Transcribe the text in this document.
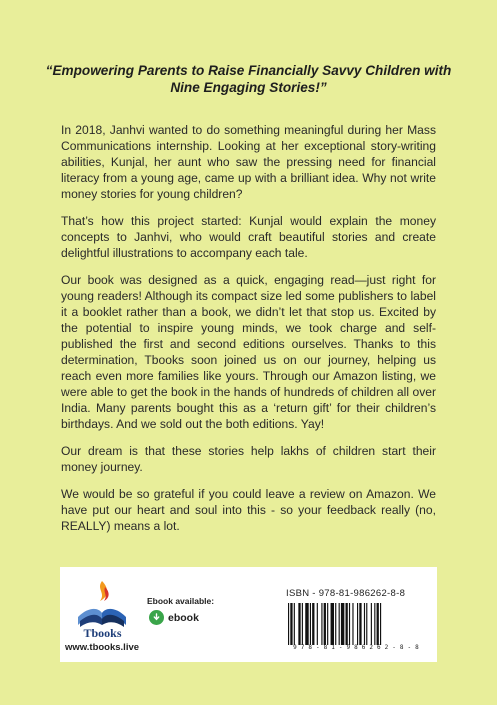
“Empowering Parents to Raise Financially Savvy Children with Nine Engaging Stories!”

In 2018, Janhvi wanted to do something meaningful during her Mass Communications internship. Looking at her exceptional story-writing abilities, Kunjal, her aunt who saw the pressing need for financial literacy from a young age, came up with a brilliant idea. Why not write money stories for young children?

That’s how this project started: Kunjal would explain the money concepts to Janhvi, who would craft beautiful stories and create delightful illustrations to accompany each tale.

Our book was designed as a quick, engaging read—just right for young readers! Although its compact size led some publishers to label it a booklet rather than a book, we didn’t let that stop us. Excited by the potential to inspire young minds, we took charge and self-published the first and second editions ourselves. Thanks to this determination, Tbooks soon joined us on our journey, helping us reach even more families like yours. Through our Amazon listing, we were able to get the book in the hands of hundreds of children all over India. Many parents bought this as a ‘return gift’ for their children’s birthdays. And we sold out the both editions. Yay!

Our dream is that these stories help lakhs of children start their money journey.

We would be so grateful if you could leave a review on Amazon. We have put our heart and soul into this - so your feedback really (no, REALLY) means a lot.

Tbooks
www.tbooks.live
Ebook available:
ebook
ISBN - 978-81-986262-8-8
9 7 8 - 8 1 - 9 8 6 2 6 2 - 8 - 8
